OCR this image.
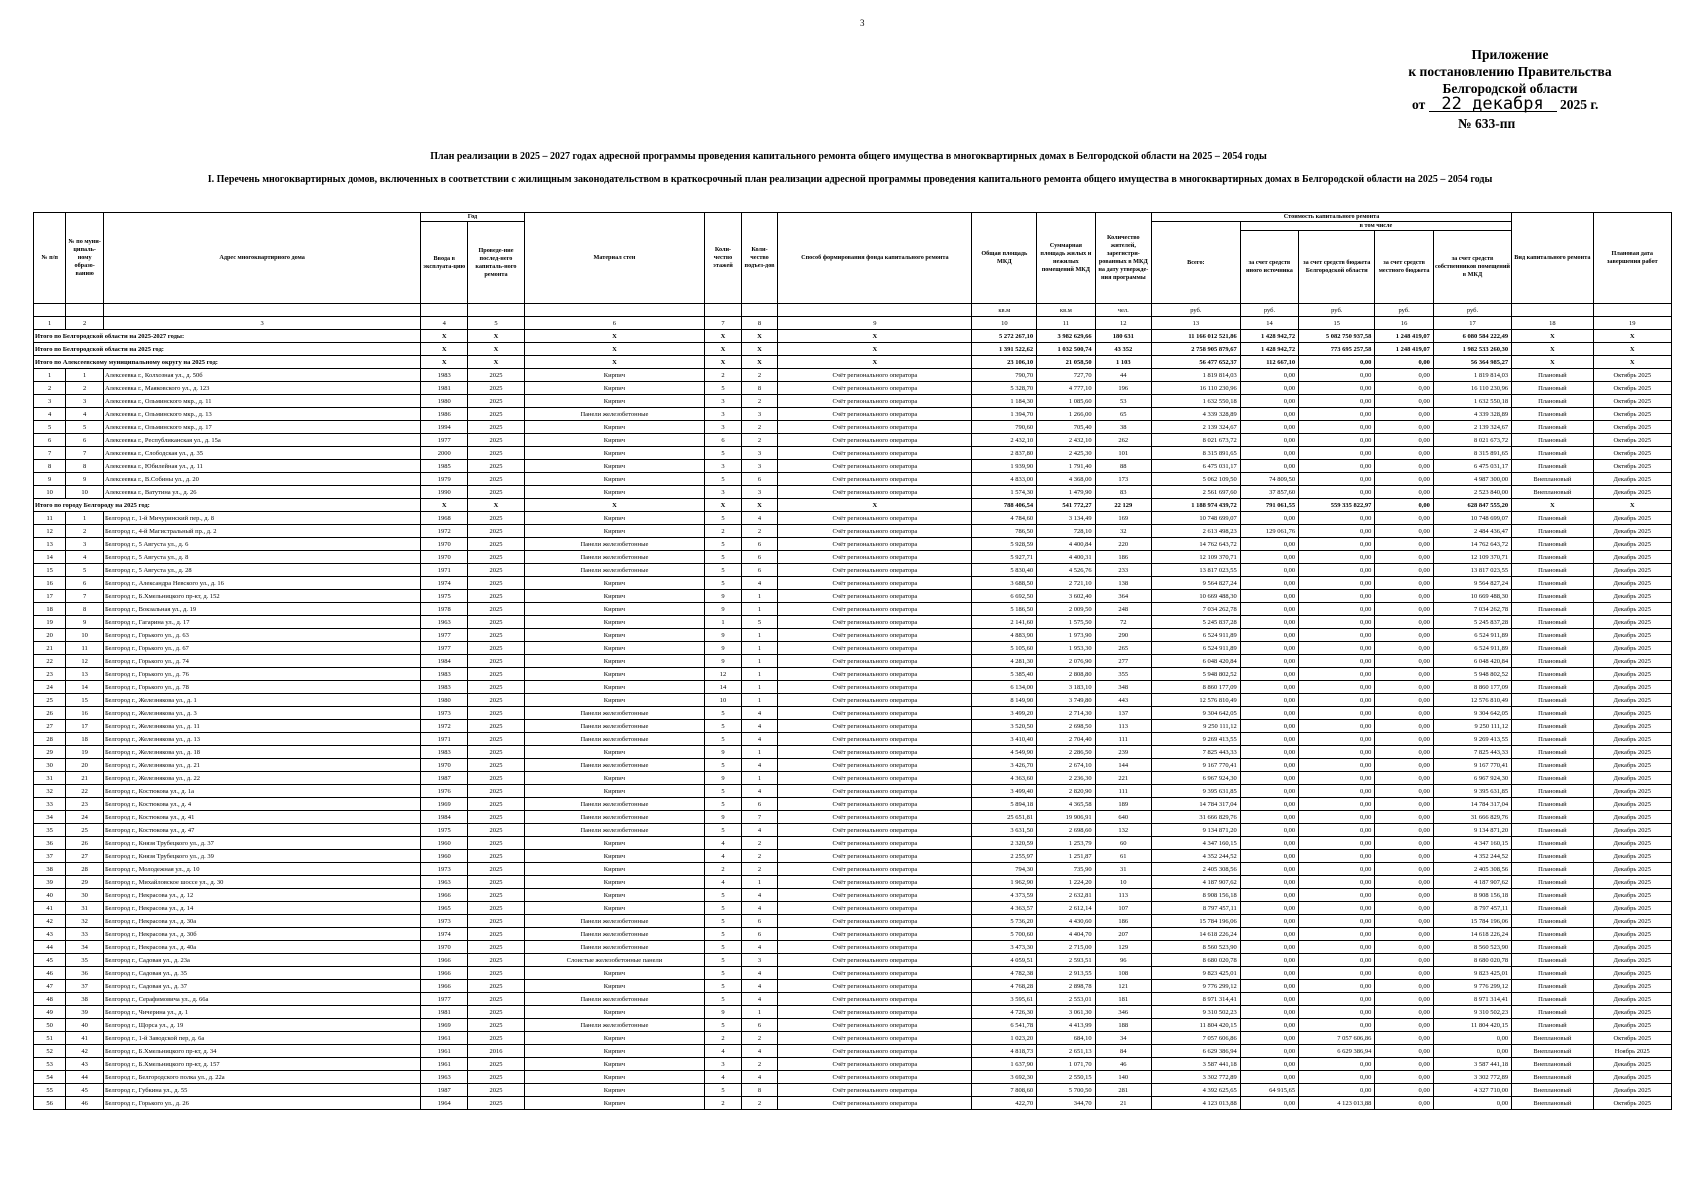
3
Приложение
к постановлению Правительства
Белгородской области
от 22 декабря 2025 г.
№ 633-пп
План реализации в 2025 – 2027 годах адресной программы проведения капитального ремонта общего имущества в многоквартирных домах в Белгородской области на 2025 – 2054 годы
I. Перечень многоквартирных домов, включенных в соответствии с жилищным законодательством в краткосрочный план реализации адресной программы проведения капитального ремонта общего имущества в многоквартирных домах в Белгородской области на 2025 – 2054 годы
№ п/п	№ по муни-ципаль-ному образо-ванию	Адрес многоквартирного дома	Год		Материал стен	Коли-чество этажей	Коли-чество подъез-дов	Способ формирования фонда капитального ремонта	Общая площадь МКД	Суммарная площадь жилых и нежилых помещений МКД	Количество жителей, зарегистри-рованных в МКД на дату утвержде-ния программы	Стоимость капитального ремонта					Вид капитального ремонта	Плановая дата завершения работ
			Ввода в эксплуата-цию	Проведе-ние послед-него капиталь-ного ремонта								Всего:	в том числе					
													за счет средств иного источника	за счет средств бюджета Белгородской области	за счет средств местного бюджета	за счет средств собственников помещений в МКД		
									кв.м	кв.м	чел.	руб.	руб.	руб.	руб.	руб.		
1	2	3	4	5	6	7	8	9	10	11	12	13	14	15	16	17	18	19
Итого по Белгородской области на 2025-2027 годы:			Х	Х	Х	Х	Х	Х	5 272 267,10	3 982 629,66	180 631	11 166 012 521,86	1 428 942,72	5 082 750 937,58	1 248 419,07	6 080 584 222,49	Х	Х
Итого по Белгородской области на 2025 год:			Х	Х	Х	Х	Х	Х	1 391 522,62	1 032 500,74	43 352	2 758 905 879,67	1 428 942,72	773 695 257,58	1 248 419,07	1 982 533 260,30	Х	Х
Итого по Алексеевскому муниципальному округу на 2025 год:			Х	Х	Х	Х	Х	Х	23 106,10	21 058,50	1 103	56 477 652,37	112 667,10	0,00	0,00	56 364 985,27	Х	Х
1	1	Алексеевка г., Колхозная ул., д. 50б	1983	2025	Кирпич	2	2	Счёт регионального оператора	790,70	727,70	44	1 819 814,03	0,00	0,00	0,00	1 819 814,03	Плановый	Октябрь 2025
2	2	Алексеевка г., Маяковского ул., д. 123	1981	2025	Кирпич	5	8	Счёт регионального оператора	5 328,70	4 777,10	196	16 110 230,96	0,00	0,00	0,00	16 110 230,96	Плановый	Октябрь 2025
3	3	Алексеевка г., Ольминского мкр., д. 11	1980	2025	Кирпич	3	2	Счёт регионального оператора	1 184,30	1 085,60	53	1 632 550,18	0,00	0,00	0,00	1 632 550,18	Плановый	Октябрь 2025
4	4	Алексеевка г., Ольминского мкр., д. 13	1986	2025	Панели железобетонные	3	3	Счёт регионального оператора	1 394,70	1 266,00	65	4 339 328,89	0,00	0,00	0,00	4 339 328,89	Плановый	Октябрь 2025
5	5	Алексеевка г., Ольминского мкр., д. 17	1994	2025	Кирпич	3	2	Счёт регионального оператора	790,60	705,40	38	2 139 324,67	0,00	0,00	0,00	2 139 324,67	Плановый	Октябрь 2025
6	6	Алексеевка г., Республиканская ул., д. 15а	1977	2025	Кирпич	6	2	Счёт регионального оператора	2 432,10	2 432,10	262	8 021 673,72	0,00	0,00	0,00	8 021 673,72	Плановый	Октябрь 2025
7	7	Алексеевка г., Слободская ул., д. 35	2000	2025	Кирпич	5	3	Счёт регионального оператора	2 837,80	2 425,30	101	8 315 891,65	0,00	0,00	0,00	8 315 891,65	Плановый	Октябрь 2025
8	8	Алексеевка г., Юбилейная ул., д. 11	1985	2025	Кирпич	3	3	Счёт регионального оператора	1 939,90	1 791,40	88	6 475 031,17	0,00	0,00	0,00	6 475 031,17	Плановый	Октябрь 2025
9	9	Алексеевка г., В.Собины ул., д. 20	1979	2025	Кирпич	5	6	Счёт регионального оператора	4 833,00	4 368,00	173	5 062 109,50	74 809,50	0,00	0,00	4 987 300,00	Внеплановый	Декабрь 2025
10	10	Алексеевка г., Ватутина ул., д. 26	1990	2025	Кирпич	3	3	Счёт регионального оператора	1 574,30	1 479,90	83	2 561 697,60	37 857,60	0,00	0,00	2 523 840,00	Внеплановый	Декабрь 2025
Итого по городу Белгороду на 2025 год:			Х	Х	Х	Х	Х	Х	788 406,54	541 772,27	22 129	1 188 974 439,72	791 061,55	559 335 822,97	0,00	628 847 555,20	Х	Х
11	1	Белгород г., 1-й Мичуринский пер., д. 8	1968	2025	Кирпич	5	4	Счёт регионального оператора	4 784,60	3 134,49	169	10 748 699,07	0,00	0,00	0,00	10 748 699,07	Плановый	Декабрь 2025
12	2	Белгород г., 4-й Магистральный пр., д. 2	1972	2025	Кирпич	2	2	Счёт регионального оператора	786,50	728,10	32	2 613 498,23	129 061,76	0,00	0,00	2 484 436,47	Плановый	Декабрь 2025
13	3	Белгород г., 5 Августа ул., д. 6	1970	2025	Панели железобетонные	5	6	Счёт регионального оператора	5 928,59	4 400,84	220	14 762 643,72	0,00	0,00	0,00	14 762 643,72	Плановый	Декабрь 2025
14	4	Белгород г., 5 Августа ул., д. 8	1970	2025	Панели железобетонные	5	6	Счёт регионального оператора	5 927,71	4 400,31	186	12 109 370,71	0,00	0,00	0,00	12 109 370,71	Плановый	Декабрь 2025
15	5	Белгород г., 5 Августа ул., д. 28	1971	2025	Панели железобетонные	5	6	Счёт регионального оператора	5 830,40	4 526,76	233	13 817 023,55	0,00	0,00	0,00	13 817 023,55	Плановый	Декабрь 2025
16	6	Белгород г., Александра Невского ул., д. 16	1974	2025	Кирпич	5	4	Счёт регионального оператора	3 688,50	2 721,10	138	9 564 827,24	0,00	0,00	0,00	9 564 827,24	Плановый	Декабрь 2025
17	7	Белгород г., Б.Хмельницкого пр-кт, д. 152	1975	2025	Кирпич	9	1	Счёт регионального оператора	6 692,50	3 602,40	364	10 669 488,30	0,00	0,00	0,00	10 669 488,30	Плановый	Декабрь 2025
18	8	Белгород г., Вокзальная ул., д. 19	1978	2025	Кирпич	9	1	Счёт регионального оператора	5 186,50	2 009,50	248	7 034 262,78	0,00	0,00	0,00	7 034 262,78	Плановый	Декабрь 2025
19	9	Белгород г., Гагарина ул., д. 17	1963	2025	Кирпич	1	5	Счёт регионального оператора	2 141,60	1 575,50	72	5 245 837,28	0,00	0,00	0,00	5 245 837,28	Плановый	Декабрь 2025
20	10	Белгород г., Горького ул., д. 63	1977	2025	Кирпич	9	1	Счёт регионального оператора	4 883,90	1 973,90	290	6 524 911,89	0,00	0,00	0,00	6 524 911,89	Плановый	Декабрь 2025
21	11	Белгород г., Горького ул., д. 67	1977	2025	Кирпич	9	1	Счёт регионального оператора	5 105,60	1 953,30	265	6 524 911,89	0,00	0,00	0,00	6 524 911,89	Плановый	Декабрь 2025
22	12	Белгород г., Горького ул., д. 74	1984	2025	Кирпич	9	1	Счёт регионального оператора	4 281,30	2 076,90	277	6 048 420,84	0,00	0,00	0,00	6 048 420,84	Плановый	Декабрь 2025
23	13	Белгород г., Горького ул., д. 76	1983	2025	Кирпич	12	1	Счёт регионального оператора	5 385,40	2 808,80	355	5 948 802,52	0,00	0,00	0,00	5 948 802,52	Плановый	Декабрь 2025
24	14	Белгород г., Горького ул., д. 78	1983	2025	Кирпич	14	1	Счёт регионального оператора	6 134,00	3 183,10	348	8 860 177,09	0,00	0,00	0,00	8 860 177,09	Плановый	Декабрь 2025
25	15	Белгород г., Железнякова ул., д. 1	1980	2025	Кирпич	10	1	Счёт регионального оператора	8 149,90	3 749,80	443	12 576 810,49	0,00	0,00	0,00	12 576 810,49	Плановый	Декабрь 2025
26	16	Белгород г., Железнякова ул., д. 3	1973	2025	Панели железобетонные	5	4	Счёт регионального оператора	3 499,20	2 714,30	137	9 304 642,05	0,00	0,00	0,00	9 304 642,05	Плановый	Декабрь 2025
27	17	Белгород г., Железнякова ул., д. 11	1972	2025	Панели железобетонные	5	4	Счёт регионального оператора	3 520,50	2 698,50	113	9 250 111,12	0,00	0,00	0,00	9 250 111,12	Плановый	Декабрь 2025
28	18	Белгород г., Железнякова ул., д. 13	1971	2025	Панели железобетонные	5	4	Счёт регионального оператора	3 410,40	2 704,40	111	9 269 413,55	0,00	0,00	0,00	9 269 413,55	Плановый	Декабрь 2025
29	19	Белгород г., Железнякова ул., д. 18	1983	2025	Кирпич	9	1	Счёт регионального оператора	4 549,90	2 286,50	239	7 825 443,33	0,00	0,00	0,00	7 825 443,33	Плановый	Декабрь 2025
30	20	Белгород г., Железнякова ул., д. 21	1970	2025	Панели железобетонные	5	4	Счёт регионального оператора	3 426,70	2 674,10	144	9 167 770,41	0,00	0,00	0,00	9 167 770,41	Плановый	Декабрь 2025
31	21	Белгород г., Железнякова ул., д. 22	1987	2025	Кирпич	9	1	Счёт регионального оператора	4 363,60	2 236,30	221	6 967 924,30	0,00	0,00	0,00	6 967 924,30	Плановый	Декабрь 2025
32	22	Белгород г., Костюкова ул., д. 1а	1976	2025	Кирпич	5	4	Счёт регионального оператора	3 499,40	2 820,90	111	9 395 631,85	0,00	0,00	0,00	9 395 631,85	Плановый	Декабрь 2025
33	23	Белгород г., Костюкова ул., д. 4	1969	2025	Панели железобетонные	5	6	Счёт регионального оператора	5 894,18	4 365,58	189	14 784 317,04	0,00	0,00	0,00	14 784 317,04	Плановый	Декабрь 2025
34	24	Белгород г., Костюкова ул., д. 41	1984	2025	Панели железобетонные	9	7	Счёт регионального оператора	25 651,81	19 906,91	640	31 666 829,76	0,00	0,00	0,00	31 666 829,76	Плановый	Декабрь 2025
35	25	Белгород г., Костюкова ул., д. 47	1975	2025	Панели железобетонные	5	4	Счёт регионального оператора	3 631,50	2 698,60	132	9 134 871,20	0,00	0,00	0,00	9 134 871,20	Плановый	Декабрь 2025
36	26	Белгород г., Князя Трубецкого ул., д. 37	1960	2025	Кирпич	4	2	Счёт регионального оператора	2 320,59	1 253,79	60	4 347 160,15	0,00	0,00	0,00	4 347 160,15	Плановый	Декабрь 2025
37	27	Белгород г., Князя Трубецкого ул., д. 39	1960	2025	Кирпич	4	2	Счёт регионального оператора	2 255,97	1 251,87	61	4 352 244,52	0,00	0,00	0,00	4 352 244,52	Плановый	Декабрь 2025
38	28	Белгород г., Молодежная ул., д. 10	1973	2025	Кирпич	2	2	Счёт регионального оператора	794,30	735,90	31	2 405 308,56	0,00	0,00	0,00	2 405 308,56	Плановый	Декабрь 2025
39	29	Белгород г., Михайловское шоссе ул., д. 30	1963	2025	Кирпич	4	1	Счёт регионального оператора	1 962,90	1 224,20	10	4 187 907,62	0,00	0,00	0,00	4 187 907,62	Плановый	Декабрь 2025
40	30	Белгород г., Некрасова ул., д. 12	1966	2025	Кирпич	5	4	Счёт регионального оператора	4 373,59	2 632,81	113	8 908 156,18	0,00	0,00	0,00	8 908 156,18	Плановый	Декабрь 2025
41	31	Белгород г., Некрасова ул., д. 14	1965	2025	Кирпич	5	4	Счёт регионального оператора	4 363,57	2 612,14	107	8 797 457,11	0,00	0,00	0,00	8 797 457,11	Плановый	Декабрь 2025
42	32	Белгород г., Некрасова ул., д. 30а	1973	2025	Панели железобетонные	5	6	Счёт регионального оператора	5 736,20	4 430,60	186	15 784 196,06	0,00	0,00	0,00	15 784 196,06	Плановый	Декабрь 2025
43	33	Белгород г., Некрасова ул., д. 30б	1974	2025	Панели железобетонные	5	6	Счёт регионального оператора	5 700,60	4 404,70	207	14 618 226,24	0,00	0,00	0,00	14 618 226,24	Плановый	Декабрь 2025
44	34	Белгород г., Некрасова ул., д. 40а	1970	2025	Панели железобетонные	5	4	Счёт регионального оператора	3 473,30	2 715,00	129	8 560 523,90	0,00	0,00	0,00	8 560 523,90	Плановый	Декабрь 2025
45	35	Белгород г., Садовая ул., д. 23а	1966	2025	Слоистые железобетонные панели	5	3	Счёт регионального оператора	4 059,51	2 593,51	96	8 680 020,78	0,00	0,00	0,00	8 680 020,78	Плановый	Декабрь 2025
46	36	Белгород г., Садовая ул., д. 35	1966	2025	Кирпич	5	4	Счёт регионального оператора	4 782,38	2 913,55	108	9 823 425,01	0,00	0,00	0,00	9 823 425,01	Плановый	Декабрь 2025
47	37	Белгород г., Садовая ул., д. 37	1966	2025	Кирпич	5	4	Счёт регионального оператора	4 768,28	2 898,78	121	9 776 299,12	0,00	0,00	0,00	9 776 299,12	Плановый	Декабрь 2025
48	38	Белгород г., Серафимовича ул., д. 66а	1977	2025	Панели железобетонные	5	4	Счёт регионального оператора	3 595,61	2 553,01	181	8 971 314,41	0,00	0,00	0,00	8 971 314,41	Плановый	Декабрь 2025
49	39	Белгород г., Чичерина ул., д. 1	1981	2025	Кирпич	9	1	Счёт регионального оператора	4 726,30	3 061,30	346	9 310 502,23	0,00	0,00	0,00	9 310 502,23	Плановый	Декабрь 2025
50	40	Белгород г., Щорса ул., д. 19	1969	2025	Панели железобетонные	5	6	Счёт регионального оператора	6 541,78	4 413,99	188	11 804 420,15	0,00	0,00	0,00	11 804 420,15	Плановый	Декабрь 2025
51	41	Белгород г., 1-й Заводской пер, д. 6а	1961	2025	Кирпич	2	2	Счёт регионального оператора	1 023,20	684,10	34	7 057 606,86	0,00	7 057 606,86	0,00	0,00	Внеплановый	Октябрь 2025
52	42	Белгород г., Б.Хмельницкого пр-кт, д. 34	1961	2016	Кирпич	4	4	Счёт регионального оператора	4 818,73	2 651,13	84	6 629 386,94	0,00	6 629 386,94	0,00	0,00	Внеплановый	Ноябрь 2025
53	43	Белгород г., Б.Хмельницкого пр-кт, д. 157	1961	2025	Кирпич	3	2	Счёт регионального оператора	1 637,90	1 071,70	46	3 587 441,18	0,00	0,00	0,00	3 587 441,18	Внеплановый	Декабрь 2025
54	44	Белгород г., Белгородского полка ул., д. 22а	1963	2025	Кирпич	4	4	Счёт регионального оператора	3 692,30	2 550,15	140	3 302 772,89	0,00	0,00	0,00	3 302 772,89	Внеплановый	Декабрь 2025
55	45	Белгород г., Губкина ул., д. 55	1987	2025	Кирпич	5	8	Счёт регионального оператора	7 808,60	5 700,50	281	4 392 625,65	64 915,65	0,00	0,00	4 327 710,00	Внеплановый	Декабрь 2025
56	46	Белгород г., Горького ул., д. 26	1964	2025	Кирпич	2	2	Счёт регионального оператора	422,70	344,70	21	4 123 013,88	0,00	4 123 013,88	0,00	0,00	Внеплановый	Октябрь 2025
